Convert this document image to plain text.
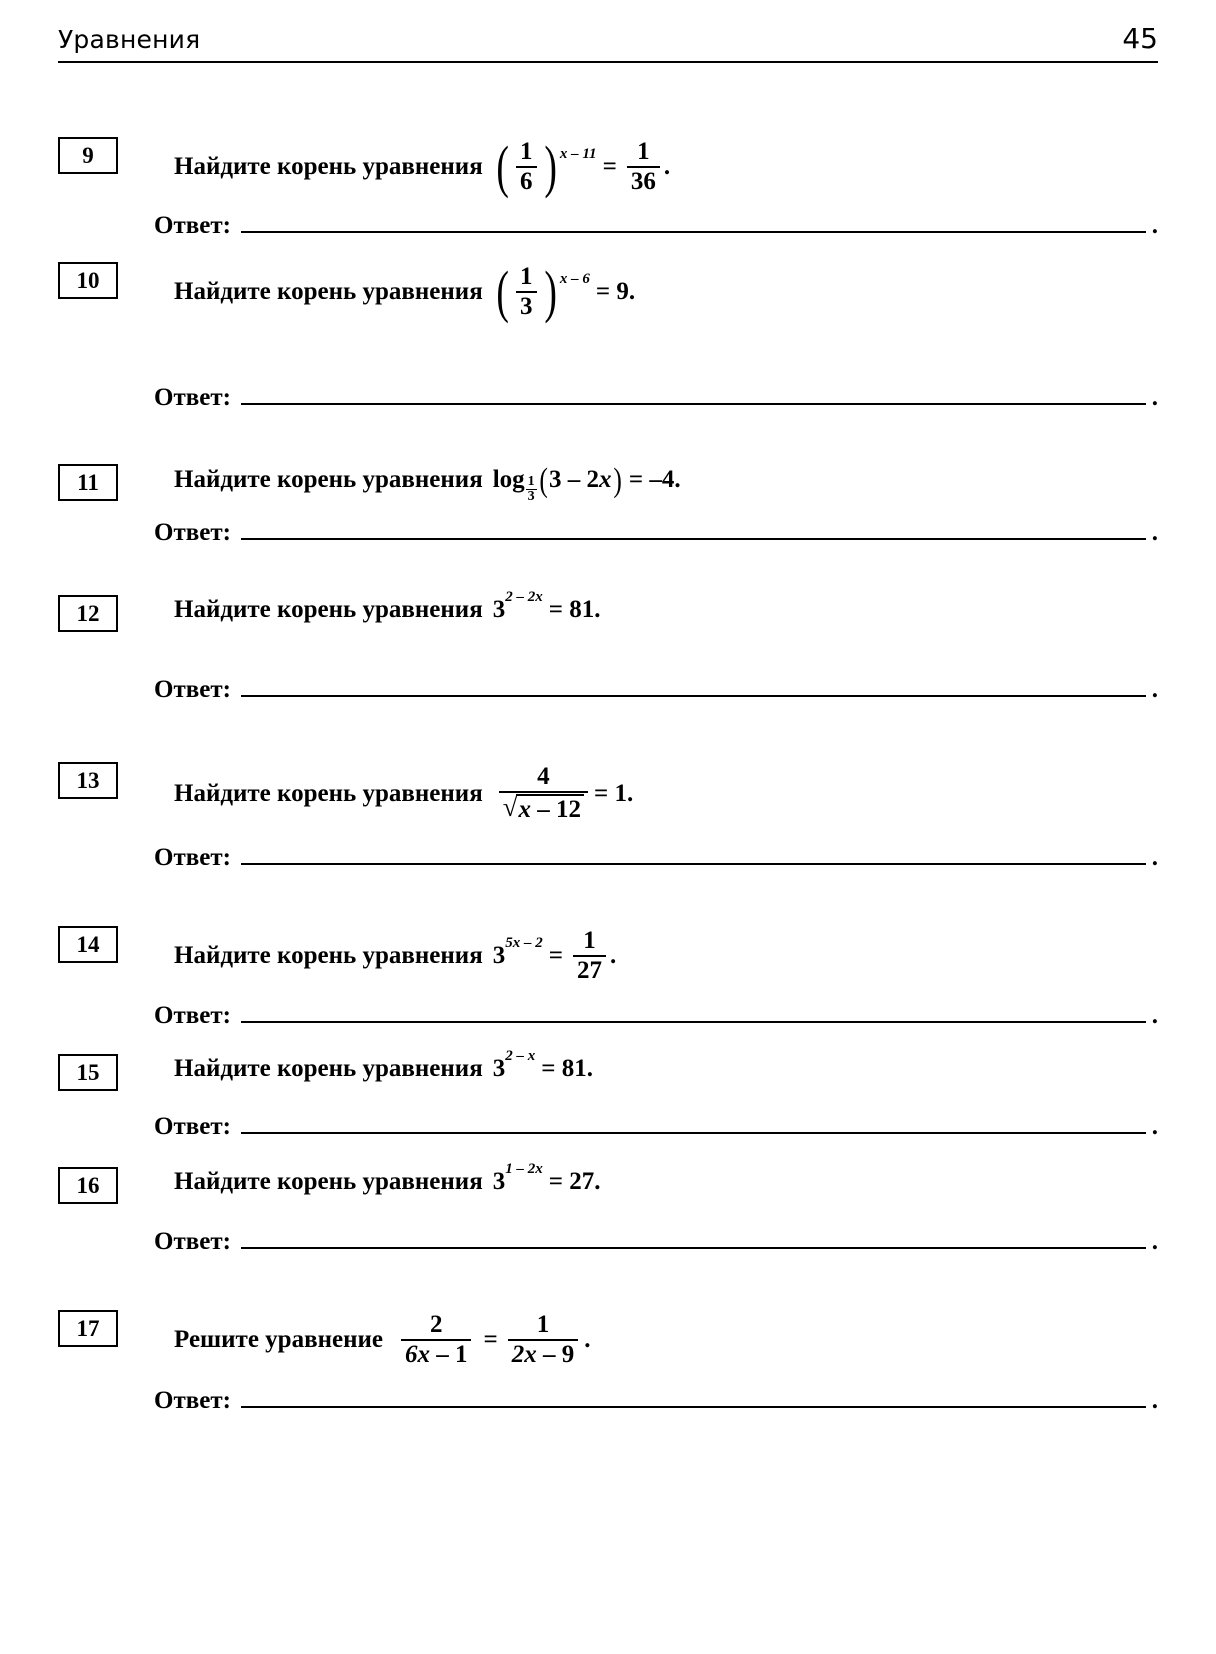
Уравнения	45
9	Найдите корень уравнения ( $\frac{1}{6}$ ) $x - 11 = \frac{1}{36}$ .
Ответ:	.
10	Найдите корень уравнения ( $\frac{1}{3}$ ) x – 6 = 9.
Ответ:	.
11	Найдите корень уравнения $\log \frac{1}{3}$ ( 3 – 2x ) = –4.
Ответ:	.
12	Найдите корень уравнения 3 2 – 2x = 81.
Ответ:	.
13	Найдите корень уравнения $\frac{4}{√ x - 12} = 1$.
Ответ:	.
14	Найдите корень уравнения 3 $5x - 2 = \frac{1}{27}$ .
Ответ:	.
15	Найдите корень уравнения 3 2 – x = 81.
Ответ:	.
16	Найдите корень уравнения 3 1 – 2x = 27.
Ответ:	.
17	Решите уравнение $\frac{2}{6x - 1} = \frac{1}{2x - 9}$ .
Ответ:	.
